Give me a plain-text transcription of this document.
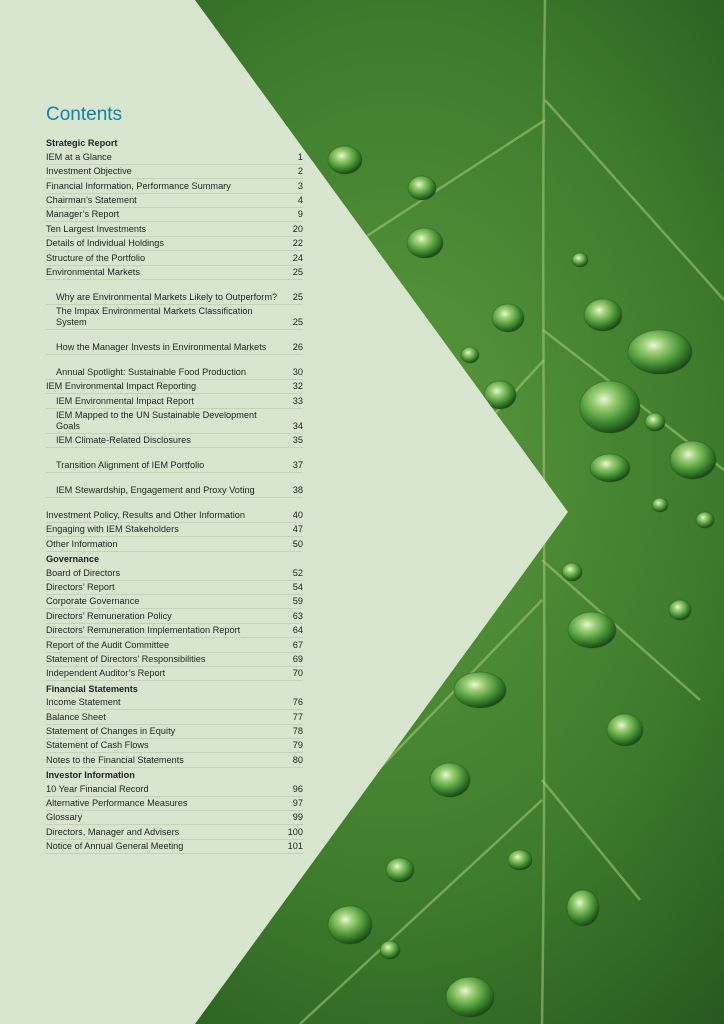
Contents
Strategic Report
IEM at a Glance	1
Investment Objective	2
Financial Information, Performance Summary	3
Chairman’s Statement	4
Manager’s Report	9
Ten Largest Investments	20
Details of Individual Holdings	22
Structure of the Portfolio	24
Environmental Markets	25
Why are Environmental Markets Likely to Outperform?	25
The Impax Environmental Markets Classification System	25
How the Manager Invests in Environmental Markets	26
Annual Spotlight: Sustainable Food Production	30
IEM Environmental Impact Reporting	32
IEM Environmental Impact Report	33
IEM Mapped to the UN Sustainable Development Goals	34
IEM Climate-Related Disclosures	35
Transition Alignment of IEM Portfolio	37
IEM Stewardship, Engagement and Proxy Voting	38
Investment Policy, Results and Other Information	40
Engaging with IEM Stakeholders	47
Other Information	50
Governance
Board of Directors	52
Directors’ Report	54
Corporate Governance	59
Directors’ Remuneration Policy	63
Directors’ Remuneration Implementation Report	64
Report of the Audit Committee	67
Statement of Directors’ Responsibilities	69
Independent Auditor’s Report	70
Financial Statements
Income Statement	76
Balance Sheet	77
Statement of Changes in Equity	78
Statement of Cash Flows	79
Notes to the Financial Statements	80
Investor Information
10 Year Financial Record	96
Alternative Performance Measures	97
Glossary	99
Directors, Manager and Advisers	100
Notice of Annual General Meeting	101
